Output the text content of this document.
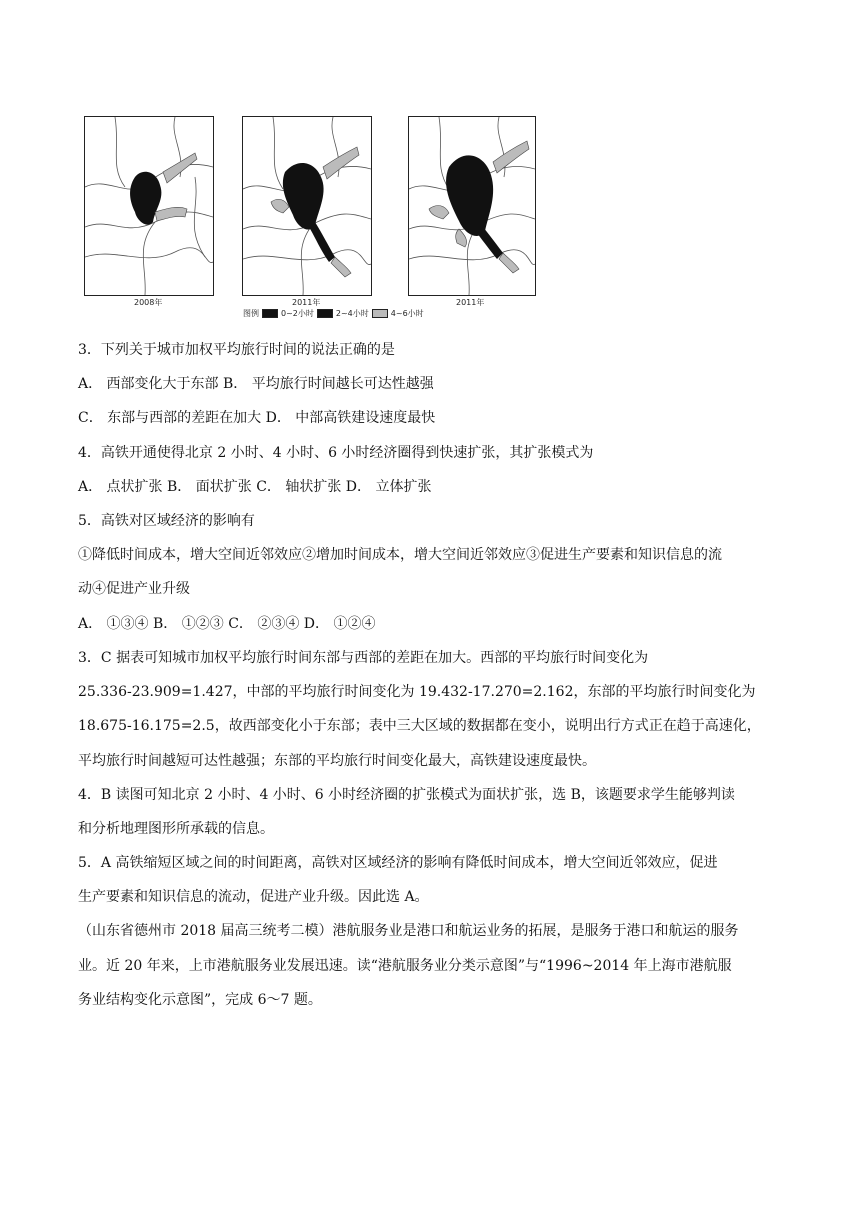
2008年	2011年	2011年
图例	0~2小时	2~4小时	4~6小时
3．下列关于城市加权平均旅行时间的说法正确的是
A． 西部变化大于东部 B． 平均旅行时间越长可达性越强
C． 东部与西部的差距在加大 D． 中部高铁建设速度最快
4．高铁开通使得北京 2 小时、4 小时、6 小时经济圈得到快速扩张，其扩张模式为
A． 点状扩张 B． 面状扩张 C． 轴状扩张 D． 立体扩张
5．高铁对区域经济的影响有
①降低时间成本，增大空间近邻效应②增加时间成本，增大空间近邻效应③促进生产要素和知识信息的流
动④促进产业升级
A． ①③④ B． ①②③ C． ②③④ D． ①②④
3．C 据表可知城市加权平均旅行时间东部与西部的差距在加大。西部的平均旅行时间变化为
25.336-23.909=1.427，中部的平均旅行时间变化为 19.432-17.270=2.162，东部的平均旅行时间变化为
18.675-16.175=2.5，故西部变化小于东部；表中三大区域的数据都在变小，说明出行方式正在趋于高速化，
平均旅行时间越短可达性越强；东部的平均旅行时间变化最大，高铁建设速度最快。
4．B 读图可知北京 2 小时、4 小时、6 小时经济圈的扩张模式为面状扩张，选 B，该题要求学生能够判读
和分析地理图形所承载的信息。
5．A 高铁缩短区域之间的时间距离，高铁对区域经济的影响有降低时间成本，增大空间近邻效应，促进
生产要素和知识信息的流动，促进产业升级。因此选 A。
（山东省德州市 2018 届高三统考二模）港航服务业是港口和航运业务的拓展，是服务于港口和航运的服务
业。近 20 年来，上市港航服务业发展迅速。读“港航服务业分类示意图”与“1996~2014 年上海市港航服
务业结构变化示意图”，完成 6～7 题。
